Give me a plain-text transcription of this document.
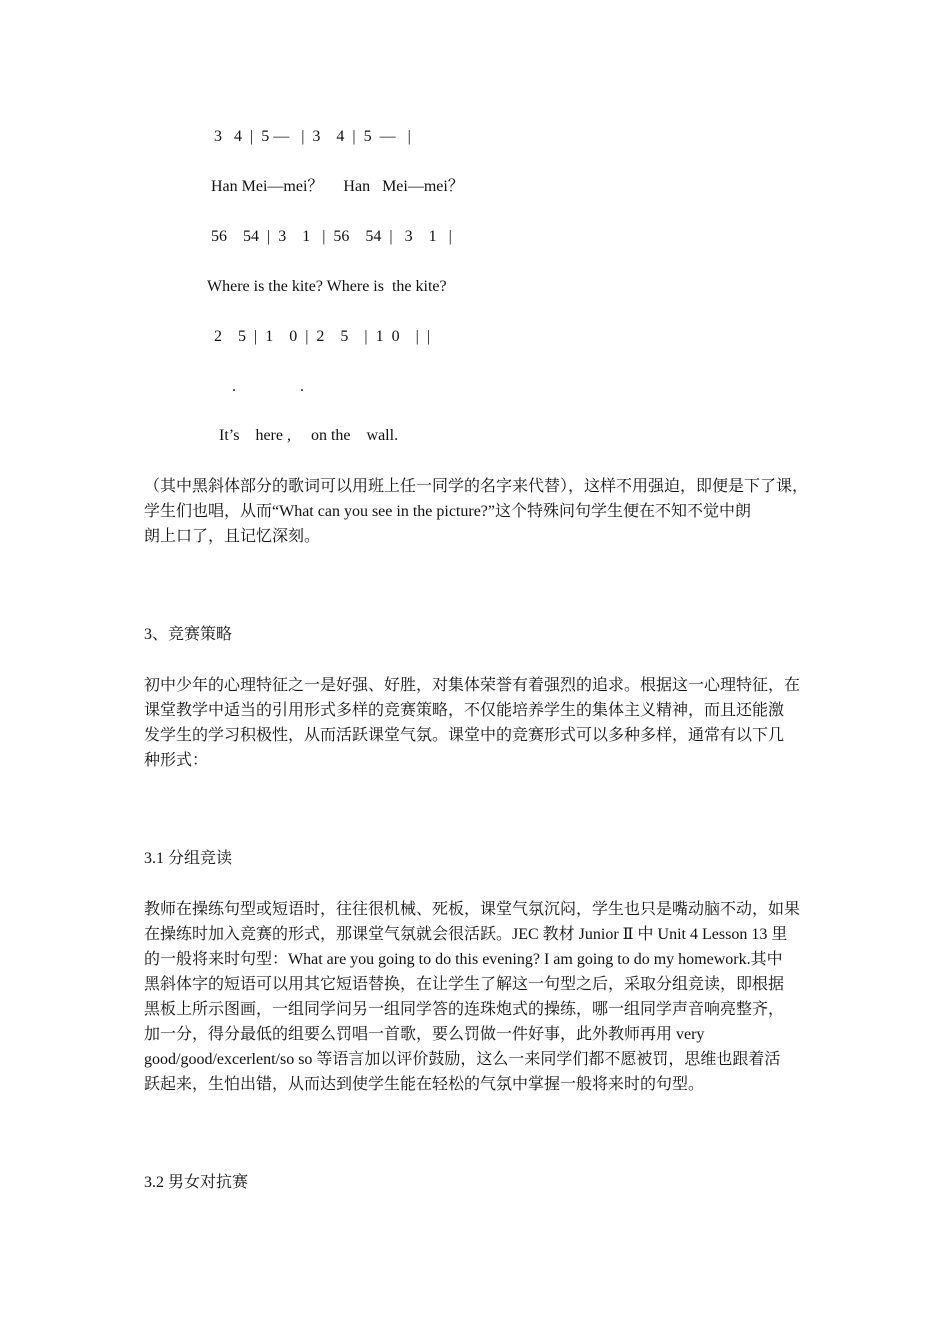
3   4  |  5 —   |  3    4  |  5  —   |
Han Mei—mei？     Han   Mei—mei？
56    54  |  3    1   |  56    54  |   3    1   |
Where is the kite? Where is  the kite?
2    5  |  1    0  |  2    5    |  1  0    |  |
.                .
It’s    here ,     on the    wall.

（其中黑斜体部分的歌词可以用班上任一同学的名字来代替），这样不用强迫，即便是下了课，

学生们也唱，从而“What can you see in the picture?”这个特殊问句学生便在不知不觉中朗

朗上口了，且记忆深刻。

3、竞赛策略

初中少年的心理特征之一是好强、好胜，对集体荣誉有着强烈的追求。根据这一心理特征，在

课堂教学中适当的引用形式多样的竞赛策略，不仅能培养学生的集体主义精神，而且还能激

发学生的学习积极性，从而活跃课堂气氛。课堂中的竞赛形式可以多种多样，通常有以下几

种形式：

3.1 分组竞读

教师在操练句型或短语时，往往很机械、死板，课堂气氛沉闷，学生也只是嘴动脑不动，如果

在操练时加入竞赛的形式，那课堂气氛就会很活跃。JEC 教材 Junior Ⅱ 中 Unit 4 Lesson 13 里

的一般将来时句型：What are you going to do this evening? I am going to do my homework.其中

黑斜体字的短语可以用其它短语替换，在让学生了解这一句型之后，采取分组竞读，即根据

黑板上所示图画，一组同学问另一组同学答的连珠炮式的操练，哪一组同学声音响亮整齐，

加一分，得分最低的组要么罚唱一首歌，要么罚做一件好事，此外教师再用 very

good/good/excerlent/so so 等语言加以评价鼓励，这么一来同学们都不愿被罚，思维也跟着活

跃起来，生怕出错，从而达到使学生能在轻松的气氛中掌握一般将来时的句型。

3.2 男女对抗赛
